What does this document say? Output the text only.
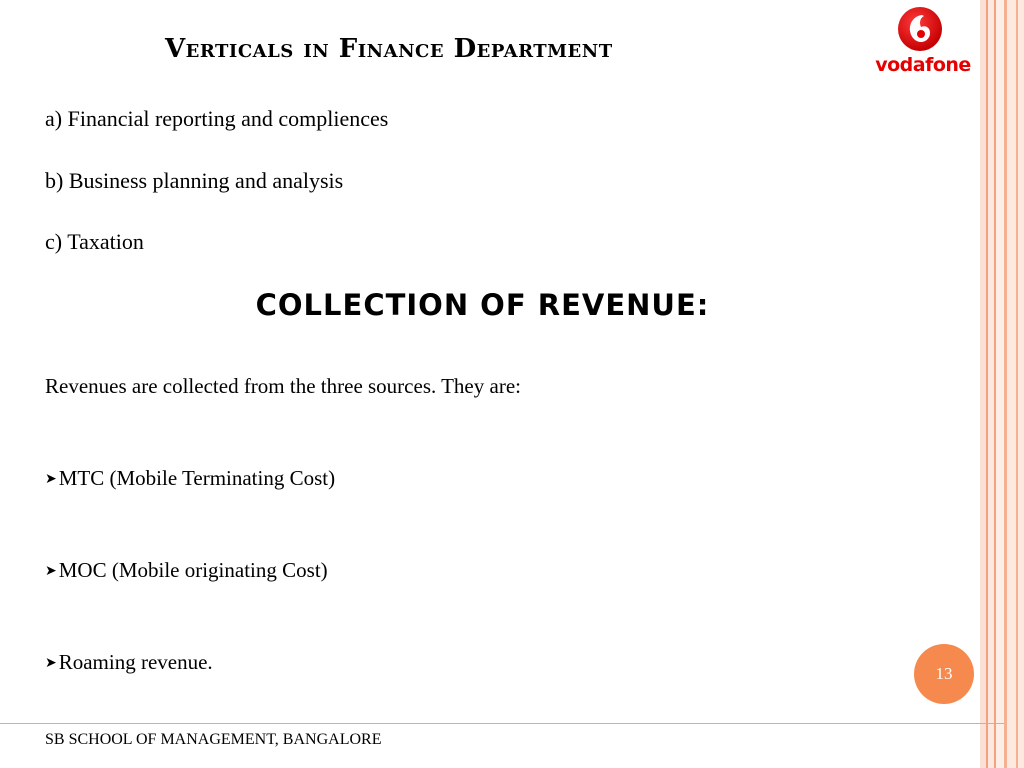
Verticals in Finance Department
vodafone
a) Financial reporting and compliences
b) Business planning and analysis
c) Taxation
COLLECTION OF REVENUE:
Revenues are collected from the three sources. They are:
➤MTC (Mobile Terminating Cost)
➤MOC (Mobile originating Cost)
➤Roaming revenue.	13
SB SCHOOL OF MANAGEMENT, BANGALORE
